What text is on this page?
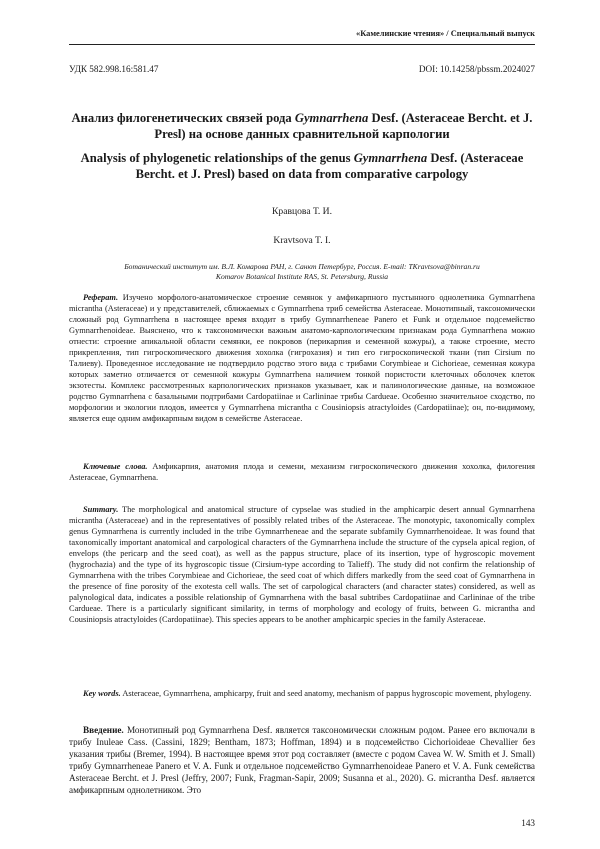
«Камелинские чтения» / Специальный выпуск
УДК 582.998.16:581.47	DOI: 10.14258/pbssm.2024027
Анализ филогенетических связей рода Gymnarrhena Desf. (Asteraceae Bercht. et J. Presl) на основе данных сравнительной карпологии
Analysis of phylogenetic relationships of the genus Gymnarrhena Desf. (Asteraceae Bercht. et J. Presl) based on data from comparative carpology
Кравцова Т. И.
Kravtsova T. I.
Ботанический институт им. В.Л. Комарова РАН, г. Санкт Петербург, Россия. E-mail: TKravtsova@binran.ru
Komarov Botanical Institute RAS, St. Petersburg, Russia
Реферат. Изучено морфолого-анатомическое строение семянок у амфикарпного пустынного однолетника Gymnarrhena micrantha (Asteraceae) и у представителей, сближаемых с Gymnarrhena триб семейства Asteraceae. Монотипный, таксономически сложный род Gymnarrhena в настоящее время входит в трибу Gymnarrheneae Panero et Funk и отдельное подсемейство Gymnarrhenoideae. Выяснено, что к таксономически важным анатомо-карпологическим признакам рода Gymnarrhena можно отнести: строение апикальной области семянки, ее покровов (перикарпия и семенной кожуры), а также строение, место прикрепления, тип гигроскопического движения хохолка (гигрохазия) и тип его гигроскопической ткани (тип Cirsium по Талиеву). Проведенное исследование не подтвердило родство этого вида с трибами Corymbieae и Cichorieae, семенная кожура которых заметно отличается от семенной кожуры Gymnarrhena наличием тонкой пористости клеточных оболочек клеток экзотесты. Комплекс рассмотренных карпологических признаков указывает, как и палинологические данные, на возможное родство Gymnarrhena с базальными подтрибами Cardopatiinae и Carlininae трибы Cardueae. Особенно значительное сходство, по морфологии и экологии плодов, имеется у Gymnarrhena micrantha с Cousiniopsis atractyloides (Cardopatiinae); он, по-видимому, является еще одним амфикарпным видом в семействе Asteraceae.
Ключевые слова. Амфикарпия, анатомия плода и семени, механизм гигроскопического движения хохолка, филогения Asteraceae, Gymnarrhena.
Summary. The morphological and anatomical structure of cypselae was studied in the amphicarpic desert annual Gymnarrhena micrantha (Asteraceae) and in the representatives of possibly related tribes of the Asteraceae. The monotypic, taxonomically complex genus Gymnarrhena is currently included in the tribe Gymnarrheneae and the separate subfamily Gymnarrhenoideae. It was found that taxonomically important anatomical and carpological characters of the Gymnarrhena include the structure of the cypsela apical region, of envelops (the pericarp and the seed coat), as well as the pappus structure, place of its insertion, type of hygroscopic movement (hygrochazia) and the type of its hygroscopic tissue (Cirsium-type according to Talieff). The study did not confirm the relationship of Gymnarrhena with the tribes Corymbieae and Cichorieae, the seed coat of which differs markedly from the seed coat of Gymnarrhena in the presence of fine porosity of the exotesta cell walls. The set of carpological characters (and character states) considered, as well as palynological data, indicates a possible relationship of Gymnarrhena with the basal subtribes Cardopatiinae and Carlininae of the tribe Cardueae. There is a particularly significant similarity, in terms of morphology and ecology of fruits, between G. micrantha and Cousiniopsis atractyloides (Cardopatiinae). This species appears to be another amphicarpic species in the family Asteraceae.
Key words. Asteraceae, Gymnarrhena, amphicarpy, fruit and seed anatomy, mechanism of pappus hygroscopic movement, phylogeny.
Введение. Монотипный род Gymnarrhena Desf. является таксономически сложным родом. Ранее его включали в трибу Inuleae Cass. (Cassini, 1829; Bentham, 1873; Hoffman, 1894) и в подсемейство Cichorioideae Chevallier без указания трибы (Bremer, 1994). В настоящее время этот род составляет (вместе с родом Cavea W. W. Smith et J. Small) трибу Gymnarrheneae Panero et V. A. Funk и отдельное подсемейство Gymnarrhenoideae Panero et V. A. Funk семейства Asteraceae Bercht. et J. Presl (Jeffry, 2007; Funk, Fragman-Sapir, 2009; Susanna et al., 2020). G. micrantha Desf. является амфикарпным однолетником. Это
143
